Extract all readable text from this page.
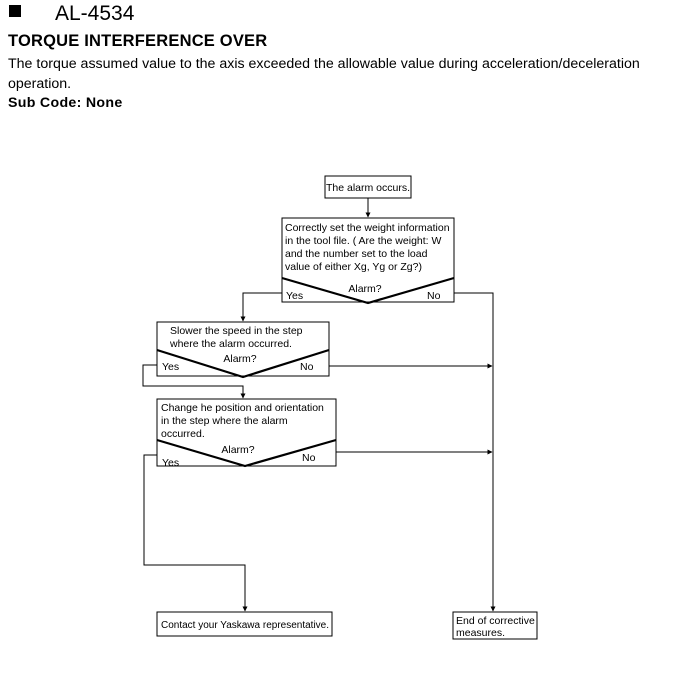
AL-4534
TORQUE INTERFERENCE OVER
The torque assumed value to the axis exceeded the allowable value during acceleration/deceleration operation.
Sub Code: None
The alarm occurs.
Correctly set the weight information
in the tool file. ( Are the weight: W
and the number set to the load
value of either Xg, Yg or Zg?)
Alarm?
Yes	No
Slower the speed in the step
where the alarm occurred.
Alarm?
Yes	No
Change he position and orientation
in the step where the alarm
occurred.
Alarm?
Yes	No
Contact your Yaskawa representative.	End of corrective
measures.
